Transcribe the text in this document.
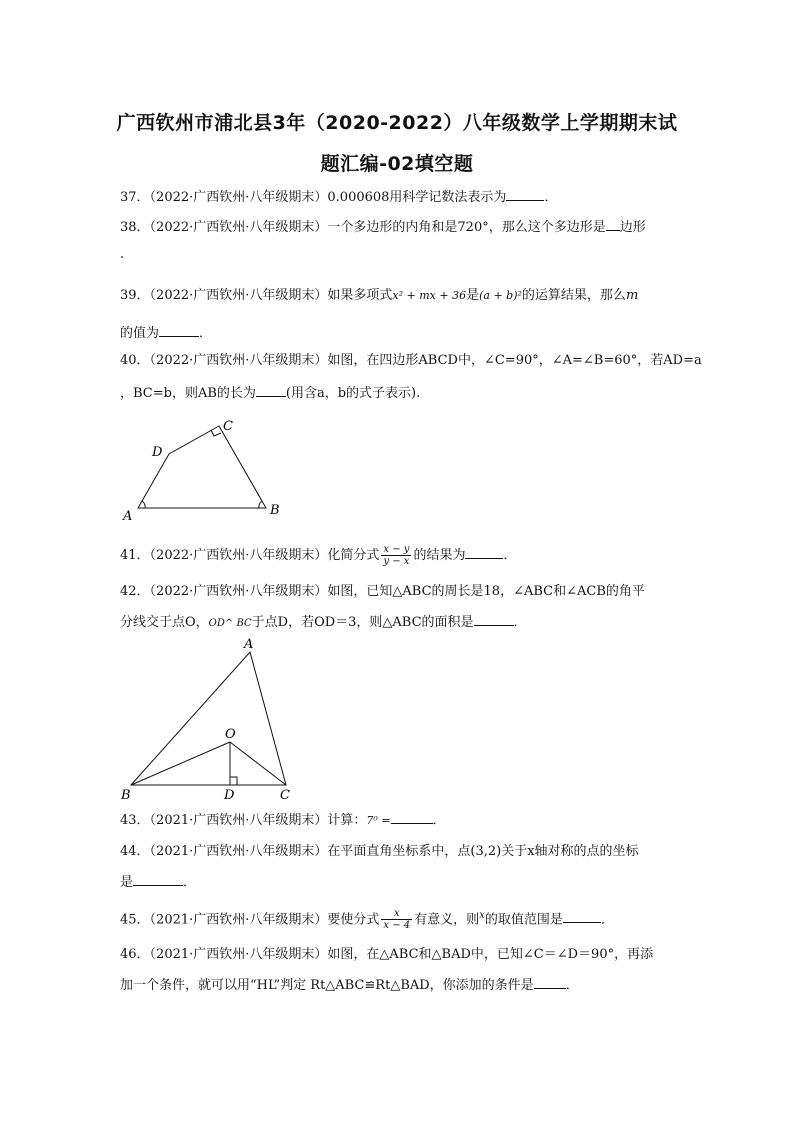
广西钦州市浦北县3年（2020-2022）八年级数学上学期期末试
题汇编-02填空题
37．（2022·广西钦州·八年级期末）0.000608用科学记数法表示为	．
38．（2022·广西钦州·八年级期末）一个多边形的内角和是720°，那么这个多边形是 边形
.
39．（2022·广西钦州·八年级期末）如果多项式x² + mx + 36是(a + b)²的运算结果，那么m
的值为	．
40．（2022·广西钦州·八年级期末）如图，在四边形ABCD中，∠C=90°，∠A=∠B=60°，若AD=a
，BC=b，则AB的长为 (用含a，b的式子表示).
A	B
C
D
41．（2022·广西钦州·八年级期末）化简分式 $\frac{x - y}{y - x}$ 的结果为	．
42．（2022·广西钦州·八年级期末）如图，已知△ABC的周长是18，∠ABC和∠ACB的角平
分线交于点O，OD^ BC于点D，若OD＝3，则△ABC的面积是	．
A
B	C
D
O
43．（2021·广西钦州·八年级期末）计算：7⁰ =	．
44．（2021·广西钦州·八年级期末）在平面直角坐标系中，点(3,2)关于x轴对称的点的坐标
是	．
45．（2021·广西钦州·八年级期末）要使分式 $\frac{x}{x - 4}$ 有意义，则$^x$的取值范围是	．
46．（2021·广西钦州·八年级期末）如图，在△ABC和△BAD中，已知∠C＝∠D＝90°，再添
加一个条件，就可以用“HL”判定 Rt△ABC≌Rt△BAD，你添加的条件是 ．
